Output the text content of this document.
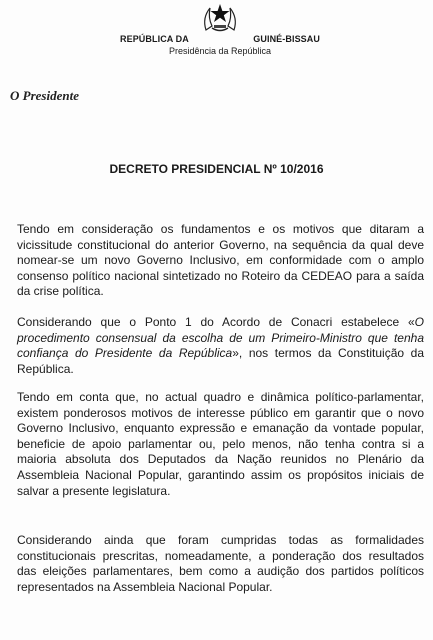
REPÚBLICA DA	GUINÉ-BISSAU
Presidência da República
O Presidente
DECRETO PRESIDENCIAL Nº 10/2016

Tendo em consideração os fundamentos e os motivos que ditaram a vicissitude constitucional do anterior Governo, na sequência da qual deve nomear-se um novo Governo Inclusivo, em conformidade com o amplo consenso político nacional sintetizado no Roteiro da CEDEAO para a saída da crise política.

Considerando que o Ponto 1 do Acordo de Conacri estabelece «O procedimento consensual da escolha de um Primeiro-Ministro que tenha confiança do Presidente da República», nos termos da Constituição da República.

Tendo em conta que, no actual quadro e dinâmica político-parlamentar, existem ponderosos motivos de interesse público em garantir que o novo Governo Inclusivo, enquanto expressão e emanação da vontade popular, beneficie de apoio parlamentar ou, pelo menos, não tenha contra si a maioria absoluta dos Deputados da Nação reunidos no Plenário da Assembleia Nacional Popular, garantindo assim os propósitos iniciais de salvar a presente legislatura.

Considerando ainda que foram cumpridas todas as formalidades constitucionais prescritas, nomeadamente, a ponderação dos resultados das eleições parlamentares, bem como a audição dos partidos políticos representados na Assembleia Nacional Popular.
